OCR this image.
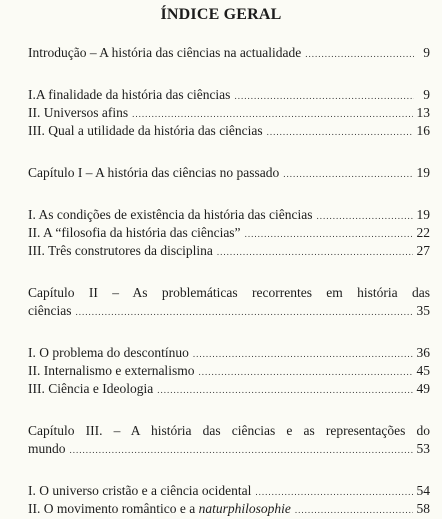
ÍNDICE GERAL
Introdução – A história das ciências na actualidade .....	9
I.A finalidade da história das ciências .....	9
II. Universos afins .....	13
III. Qual a utilidade da história das ciências .....	16
Capítulo I – A história das ciências no passado .....	19
I. As condições de existência da história das ciências .....	19
II. A “filosofia da história das ciências” .....	22
III. Três construtores da disciplina .....	27
Capítulo II – As problemáticas recorrentes em história das
ciências .....	35
I. O problema do descontínuo .....	36
II. Internalismo e externalismo .....	45
III. Ciência e Ideologia .....	49
Capítulo III. – A história das ciências e as representações do
mundo .....	53
I. O universo cristão e a ciência ocidental .....	54
II. O movimento romântico e a naturphilosophie .....	58
